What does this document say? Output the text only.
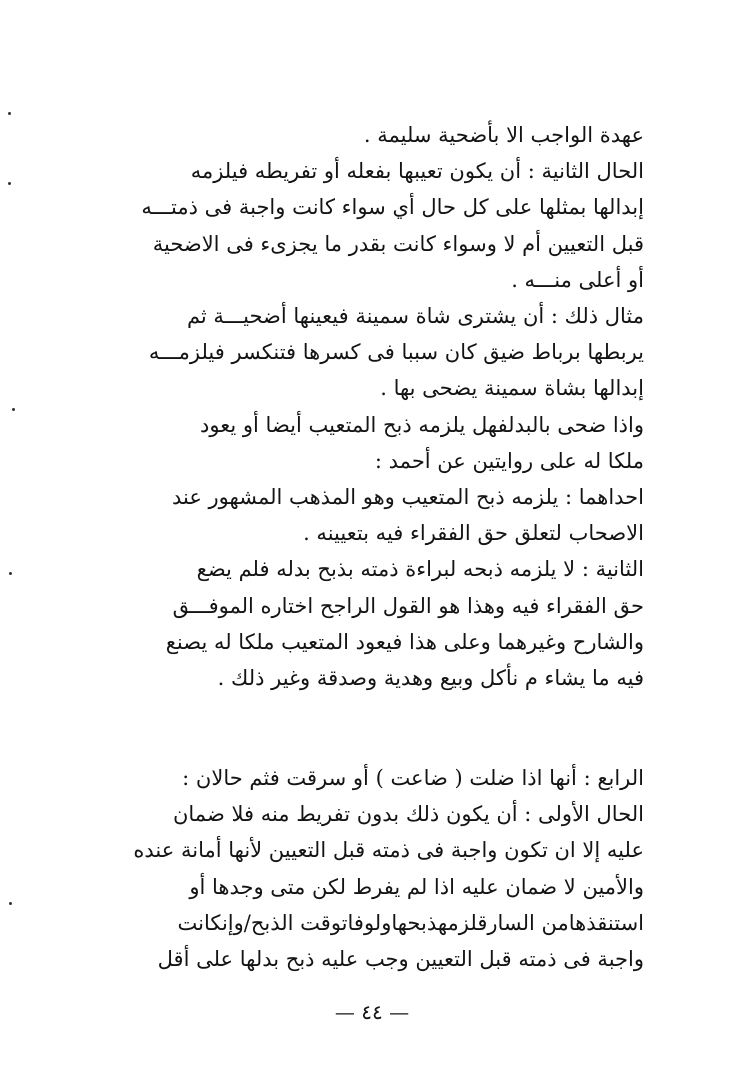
عهدة الواجب الا بأضحية سليمة .
الحال الثانية : أن يكون تعيبها بفعله أو تفريطه فيلزمه
إبدالها بمثلها على كل حال أي سواء كانت واجبة فى ذمتـــه
قبل التعيين أم لا وسواء كانت بقدر ما يجزىء فى الاضحية
أو أعلى منـــه .
مثال ذلك : أن يشترى شاة سمينة فيعينها أضحيـــة ثم
يربطها برباط ضيق كان سببا فى كسرها فتنكسر فيلزمـــه
إبدالها بشاة سمينة يضحى بها .
واذا ضحى بالبدلفهل يلزمه ذبح المتعيب أيضا أو يعود
ملكا له على روايتين عن أحمد :
احداهما : يلزمه ذبح المتعيب وهو المذهب المشهور عند
الاصحاب لتعلق حق الفقراء فيه بتعيينه .
الثانية : لا يلزمه ذبحه لبراءة ذمته بذبح بدله فلم يضع
حق الفقراء فيه وهذا هو القول الراجح اختاره الموفـــق
والشارح وغيرهما وعلى هذا فيعود المتعيب ملكا له يصنع
فيه ما يشاء م نأكل وبيع وهدية وصدقة وغير ذلك .
الرابع : أنها اذا ضلت ( ضاعت ) أو سرقت فثم حالان :
الحال الأولى : أن يكون ذلك بدون تفريط منه فلا ضمان
عليه إلا ان تكون واجبة فى ذمته قبل التعيين لأنها أمانة عنده
والأمين لا ضمان عليه اذا لم يفرط لكن متى وجدها أو
استنقذهامن السارقلزمهذبحهاولوفاتوقت الذبح/وإنكانت
واجبة فى ذمته قبل التعيين وجب عليه ذبح بدلها على أقل
— ٤٤ —
